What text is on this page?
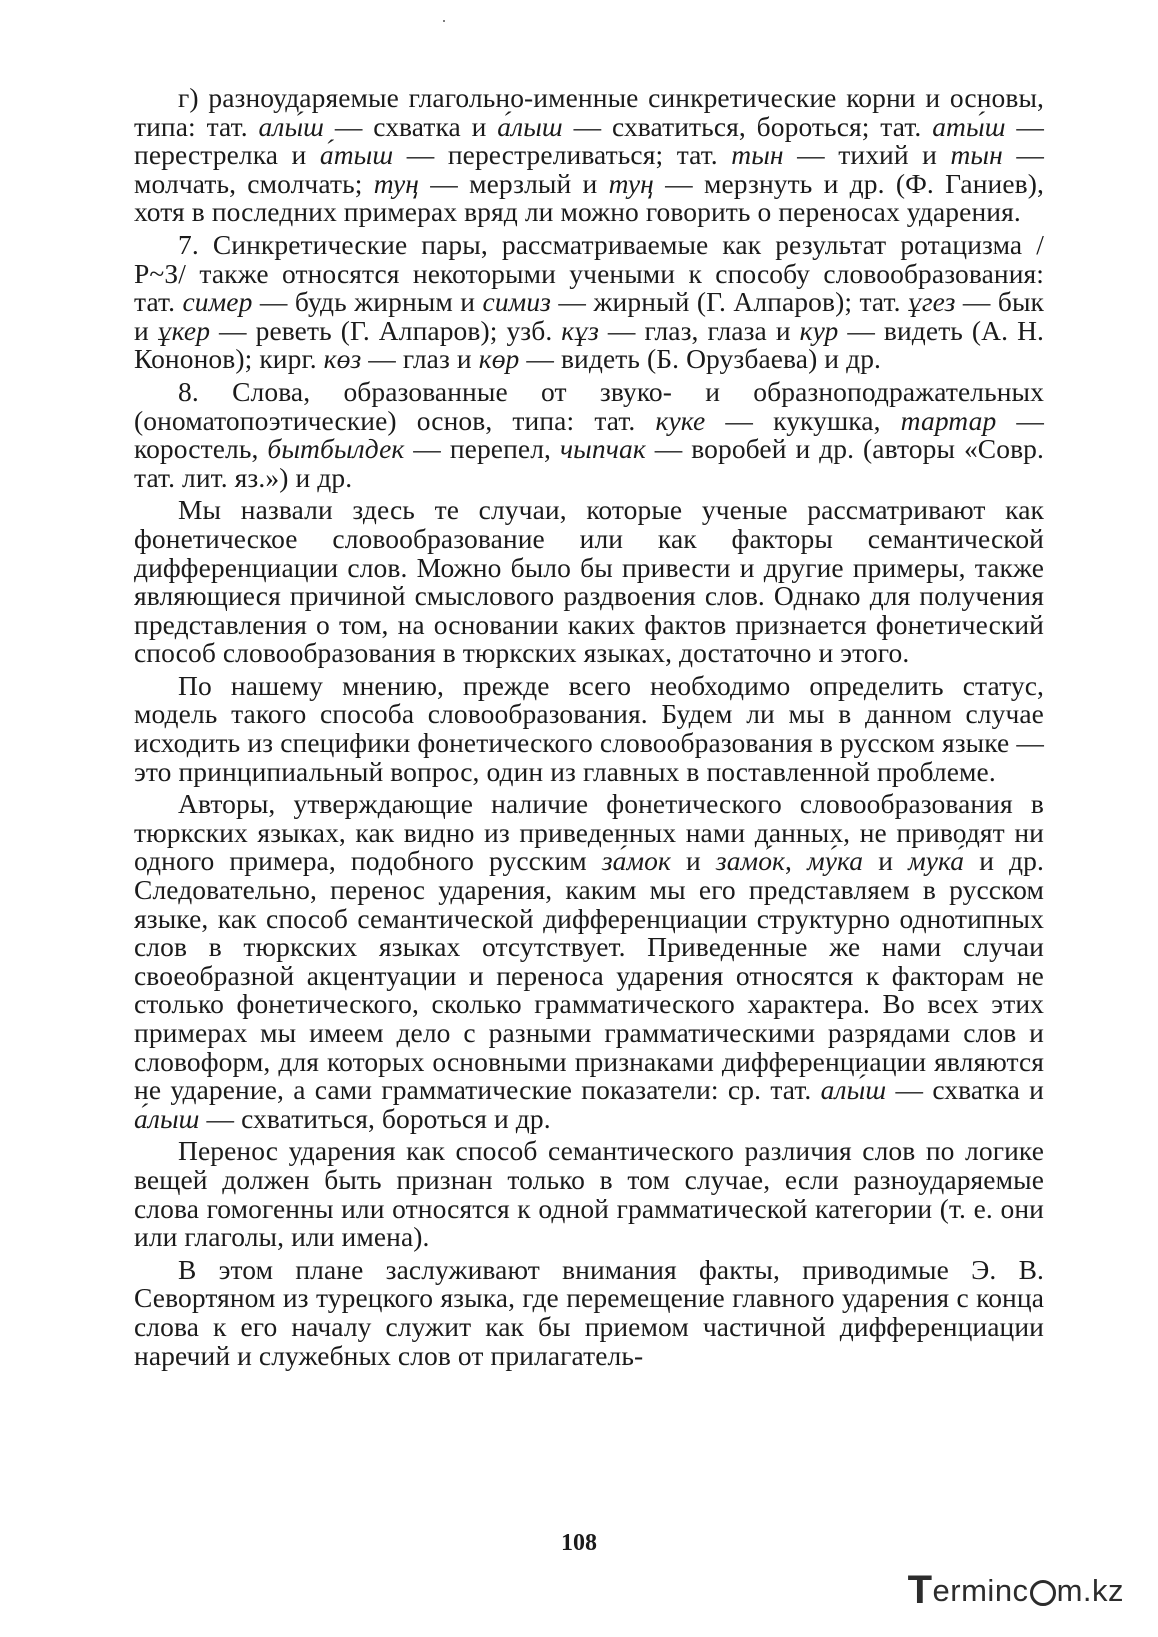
г) разноударяемые глагольно-именные синкретические корни и основы, типа: тат. алы́ш — схватка и а́лыш — схватиться, бороться; тат. аты́ш — перестрелка и а́тыш — перестреливаться; тат. тын — тихий и тын — молчать, смолчать; туң — мерзлый и туң — мерзнуть и др. (Ф. Ганиев), хотя в последних примерах вряд ли можно говорить о переносах ударения.

7. Синкретические пары, рассматриваемые как результат ротацизма /Р~З/ также относятся некоторыми учеными к способу словообразования: тат. симер — будь жирным и симиз — жирный (Г. Алпаров); тат. ұгез — бык и ұкер — реветь (Г. Алпаров); узб. кұз — глаз, глаза и кур — видеть (А. Н. Кононов); кирг. көз — глаз и көр — видеть (Б. Орузбаева) и др.

8. Слова, образованные от звуко- и образноподражательных (ономатопоэтические) основ, типа: тат. куке — кукушка, тартар — коростель, бытбылдек — перепел, чыпчак — воробей и др. (авторы «Совр. тат. лит. яз.») и др.

Мы назвали здесь те случаи, которые ученые рассматривают как фонетическое словообразование или как факторы семантической дифференциации слов. Можно было бы привести и другие примеры, также являющиеся причиной смыслового раздвоения слов. Однако для получения представления о том, на основании каких фактов признается фонетический способ словообразования в тюркских языках, достаточно и этого.

По нашему мнению, прежде всего необходимо определить статус, модель такого способа словообразования. Будем ли мы в данном случае исходить из специфики фонетического словообразования в русском языке — это принципиальный вопрос, один из главных в поставленной проблеме.

Авторы, утверждающие наличие фонетического словообразования в тюркских языках, как видно из приведенных нами данных, не приводят ни одного примера, подобного русским за́мок и замо́к, му́ка и мука́ и др. Следовательно, перенос ударения, каким мы его представляем в русском языке, как способ семантической дифференциации структурно однотипных слов в тюркских языках отсутствует. Приведенные же нами случаи своеобразной акцентуации и переноса ударения относятся к факторам не столько фонетического, сколько грамматического характера. Во всех этих примерах мы имеем дело с разными грамматическими разрядами слов и словоформ, для которых основными признаками дифференциации являются не ударение, а сами грамматические показатели: ср. тат. алы́ш — схватка и а́лыш — схватиться, бороться и др.

Перенос ударения как способ семантического различия слов по логике вещей должен быть признан только в том случае, если разноударяемые слова гомогенны или относятся к одной грамматической категории (т. е. они или глаголы, или имена).

В этом плане заслуживают внимания факты, приводимые Э. В. Севортяном из турецкого языка, где перемещение главного ударения с конца слова к его началу служит как бы приемом частичной дифференциации наречий и служебных слов от прилагатель-

108
T erminc m.kz
